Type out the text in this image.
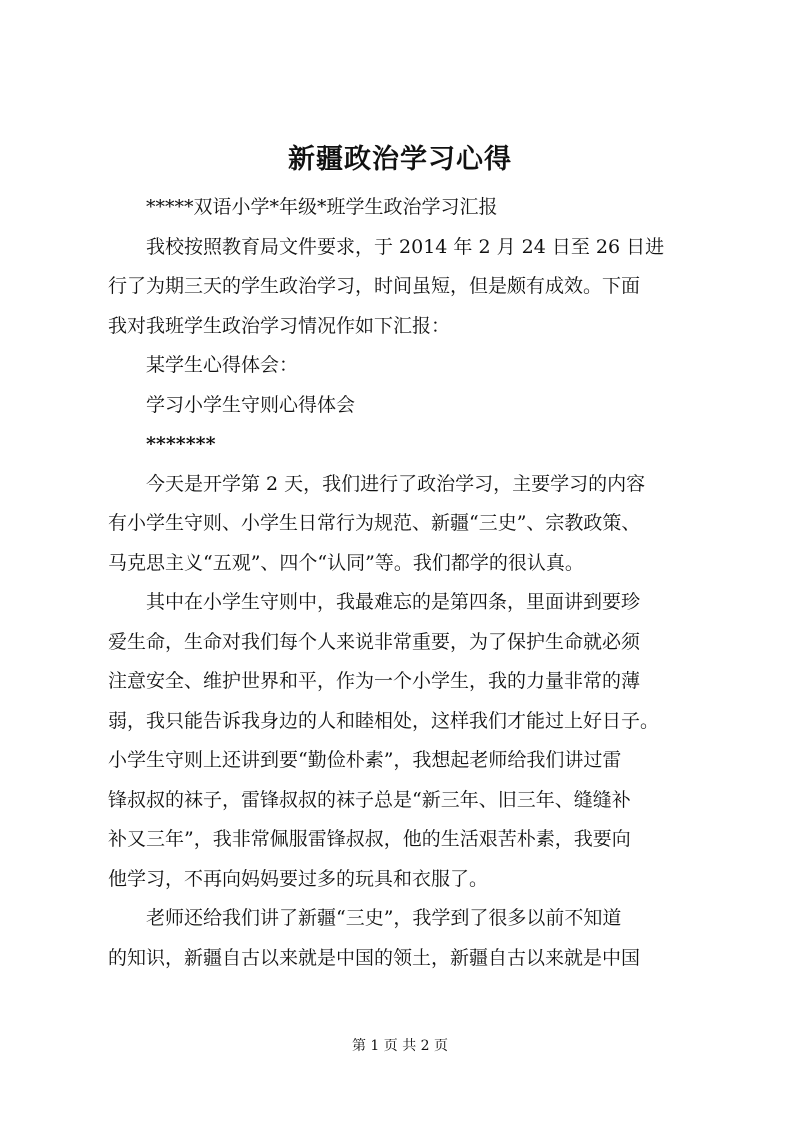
新疆政治学习心得

*****双语小学*年级*班学生政治学习汇报

我校按照教育局文件要求，于 2014 年 2 月 24 日至 26 日进
行了为期三天的学生政治学习，时间虽短，但是颇有成效。下面
我对我班学生政治学习情况作如下汇报：

某学生心得体会：

学习小学生守则心得体会

*******

今天是开学第 2 天，我们进行了政治学习，主要学习的内容
有小学生守则、小学生日常行为规范、新疆“三史”、宗教政策、
马克思主义“五观”、四个“认同”等。我们都学的很认真。

其中在小学生守则中，我最难忘的是第四条，里面讲到要珍
爱生命，生命对我们每个人来说非常重要，为了保护生命就必须
注意安全、维护世界和平，作为一个小学生，我的力量非常的薄
弱，我只能告诉我身边的人和睦相处，这样我们才能过上好日子。
小学生守则上还讲到要“勤俭朴素”，我想起老师给我们讲过雷
锋叔叔的袜子，雷锋叔叔的袜子总是“新三年、旧三年、缝缝补
补又三年”，我非常佩服雷锋叔叔，他的生活艰苦朴素，我要向
他学习，不再向妈妈要过多的玩具和衣服了。

老师还给我们讲了新疆“三史”，我学到了很多以前不知道
的知识，新疆自古以来就是中国的领土，新疆自古以来就是中国

第 1 页 共 2 页
